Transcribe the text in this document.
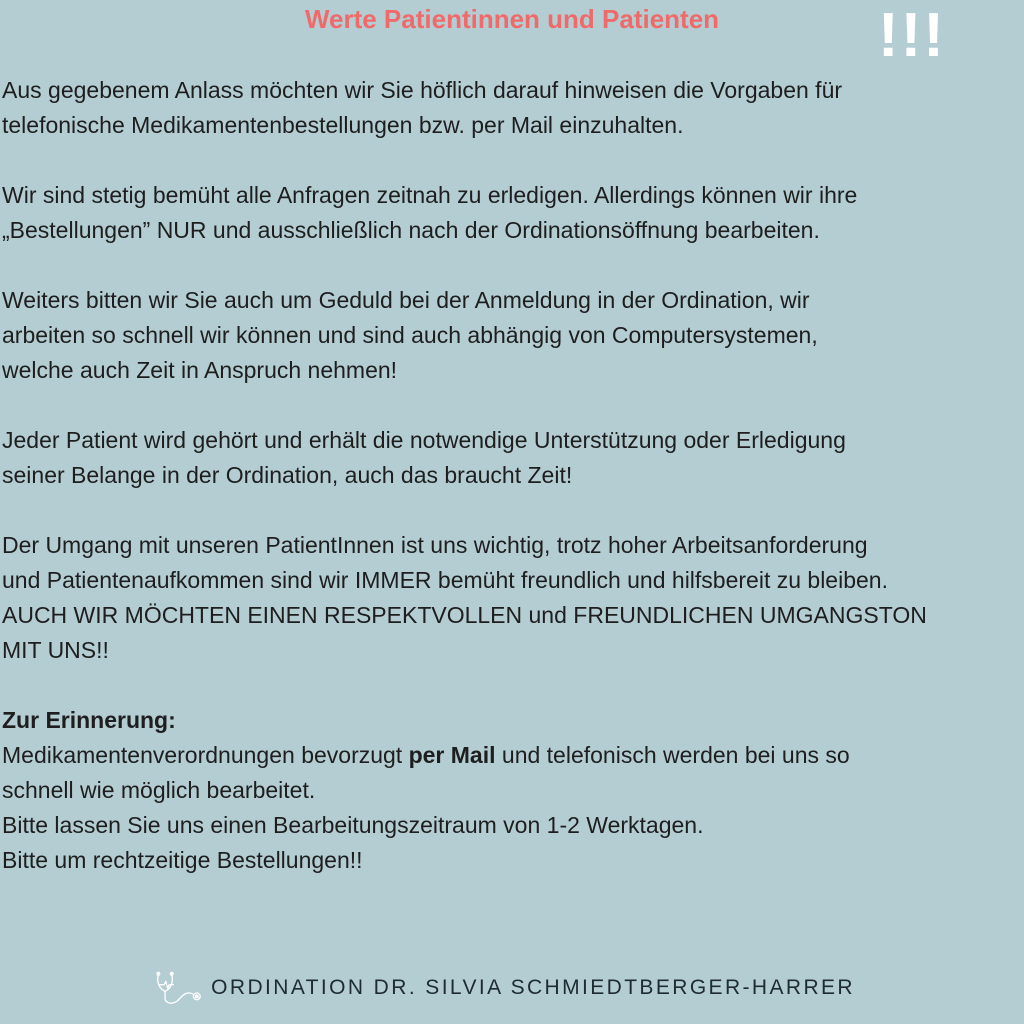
Werte Patientinnen und Patienten	!!!
Aus gegebenem Anlass möchten wir Sie höflich darauf hinweisen die Vorgaben für
telefonische Medikamentenbestellungen bzw. per Mail einzuhalten.
Wir sind stetig bemüht alle Anfragen zeitnah zu erledigen. Allerdings können wir ihre
„Bestellungen” NUR und ausschließlich nach der Ordinationsöffnung bearbeiten.
Weiters bitten wir Sie auch um Geduld bei der Anmeldung in der Ordination, wir
arbeiten so schnell wir können und sind auch abhängig von Computersystemen,
welche auch Zeit in Anspruch nehmen!
Jeder Patient wird gehört und erhält die notwendige Unterstützung oder Erledigung
seiner Belange in der Ordination, auch das braucht Zeit!
Der Umgang mit unseren PatientInnen ist uns wichtig, trotz hoher Arbeitsanforderung
und Patientenaufkommen sind wir IMMER bemüht freundlich und hilfsbereit zu bleiben.
AUCH WIR MÖCHTEN EINEN RESPEKTVOLLEN und FREUNDLICHEN UMGANGSTON
MIT UNS!!
Zur Erinnerung:
Medikamentenverordnungen bevorzugt per Mail und telefonisch werden bei uns so
schnell wie möglich bearbeitet.
Bitte lassen Sie uns einen Bearbeitungszeitraum von 1-2 Werktagen.
Bitte um rechtzeitige Bestellungen!!
ORDINATION DR. SILVIA SCHMIEDTBERGER-HARRER
